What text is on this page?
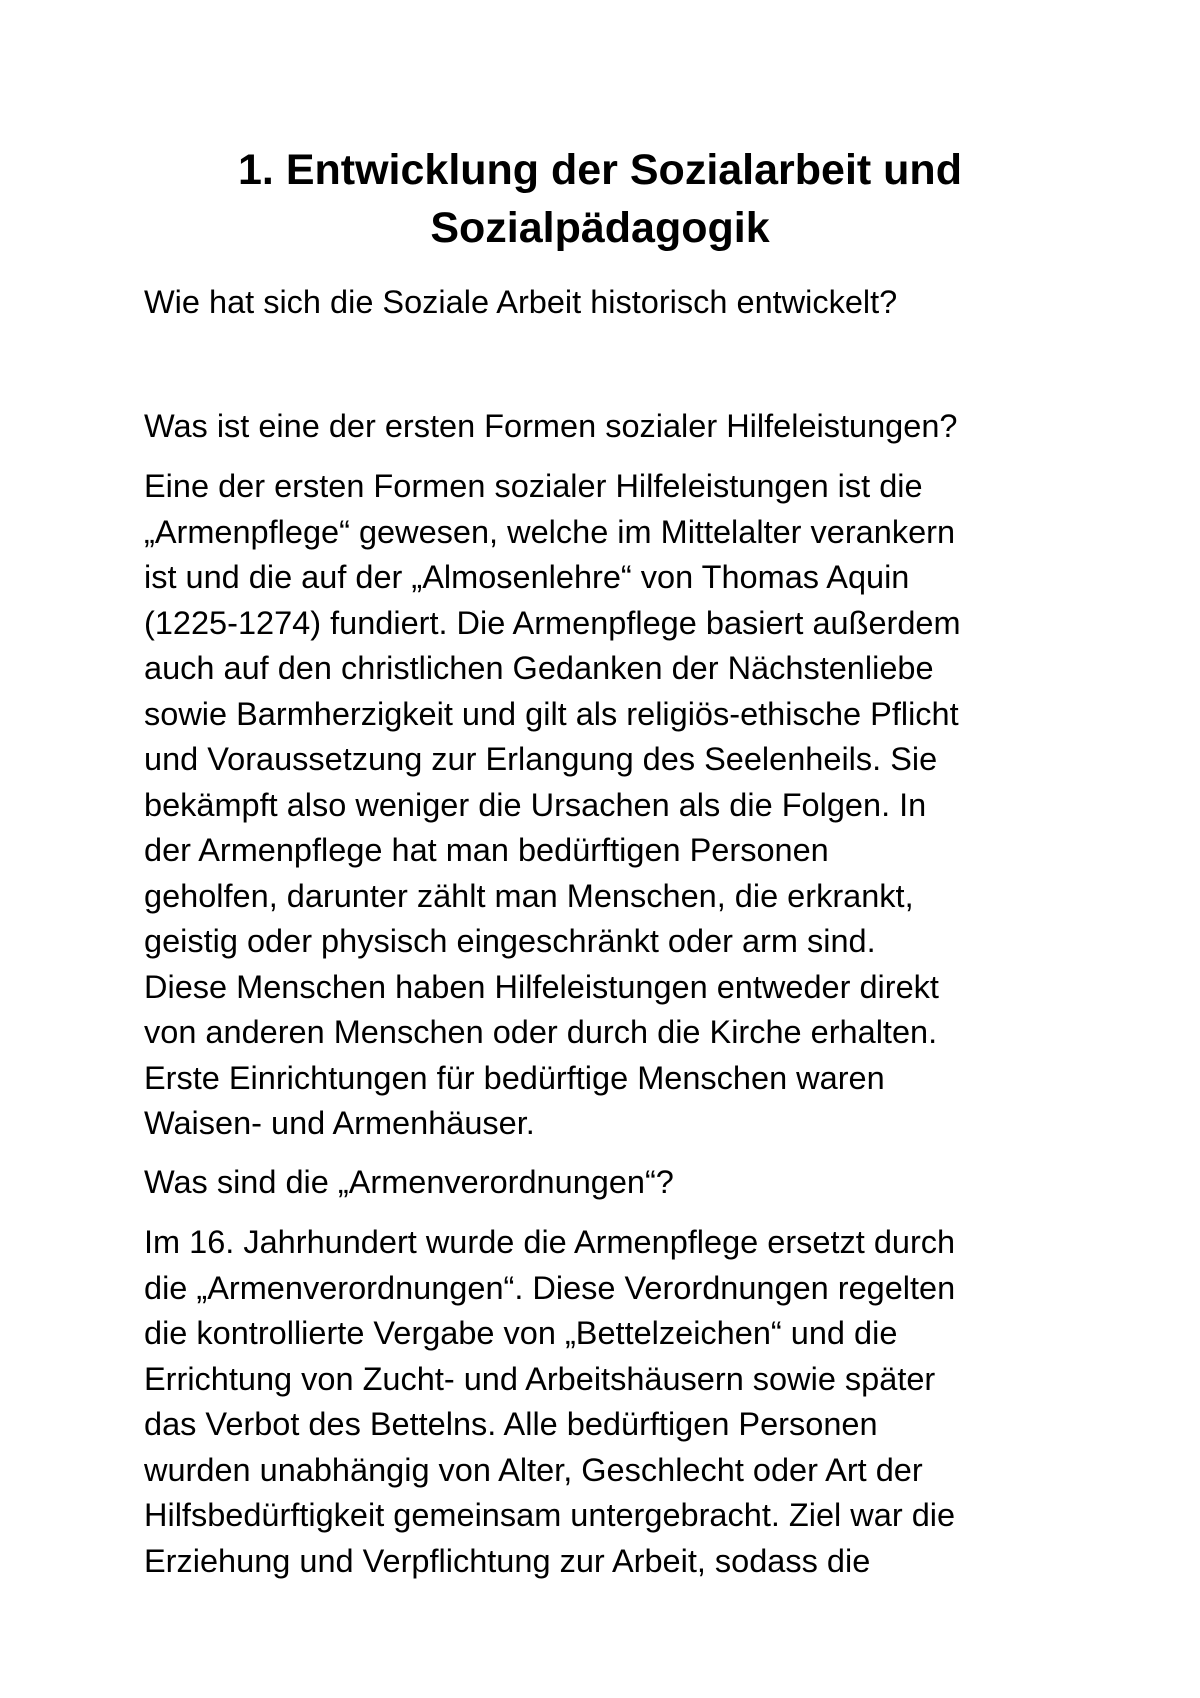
1. Entwicklung der Sozialarbeit und Sozialpädagogik

Wie hat sich die Soziale Arbeit historisch entwickelt?

Was ist eine der ersten Formen sozialer Hilfeleistungen?

Eine der ersten Formen sozialer Hilfeleistungen ist die
„Armenpflege“ gewesen, welche im Mittelalter verankern
ist und die auf der „Almosenlehre“ von Thomas Aquin
(1225-1274) fundiert. Die Armenpflege basiert außerdem
auch auf den christlichen Gedanken der Nächstenliebe
sowie Barmherzigkeit und gilt als religiös-ethische Pflicht
und Voraussetzung zur Erlangung des Seelenheils. Sie
bekämpft also weniger die Ursachen als die Folgen. In
der Armenpflege hat man bedürftigen Personen
geholfen, darunter zählt man Menschen, die erkrankt,
geistig oder physisch eingeschränkt oder arm sind.
Diese Menschen haben Hilfeleistungen entweder direkt
von anderen Menschen oder durch die Kirche erhalten.
Erste Einrichtungen für bedürftige Menschen waren
Waisen- und Armenhäuser.

Was sind die „Armenverordnungen“?

Im 16. Jahrhundert wurde die Armenpflege ersetzt durch
die „Armenverordnungen“. Diese Verordnungen regelten
die kontrollierte Vergabe von „Bettelzeichen“ und die
Errichtung von Zucht- und Arbeitshäusern sowie später
das Verbot des Bettelns. Alle bedürftigen Personen
wurden unabhängig von Alter, Geschlecht oder Art der
Hilfsbedürftigkeit gemeinsam untergebracht. Ziel war die
Erziehung und Verpflichtung zur Arbeit, sodass die
